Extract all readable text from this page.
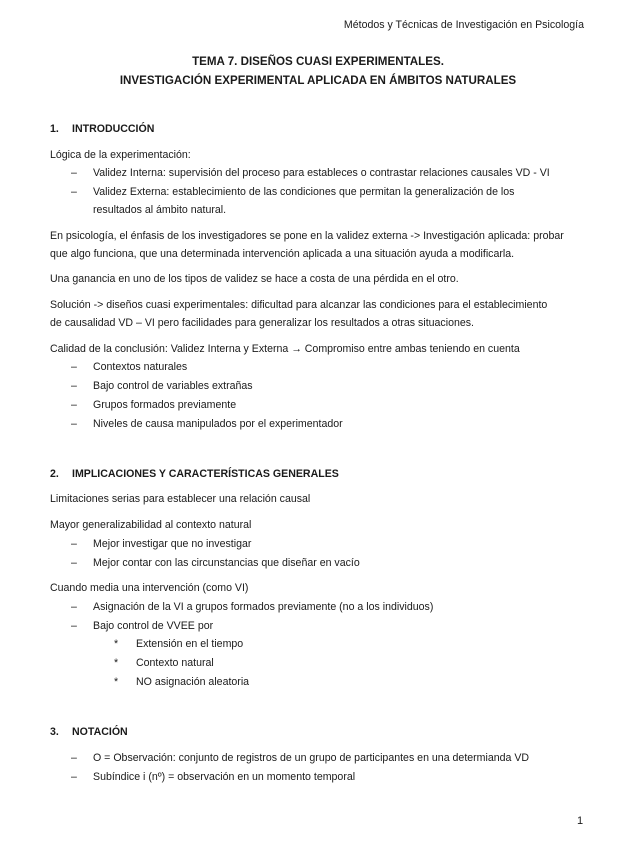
Métodos y Técnicas de Investigación en Psicología
TEMA 7. DISEÑOS CUASI EXPERIMENTALES.
INVESTIGACIÓN EXPERIMENTAL APLICADA EN ÁMBITOS NATURALES
1. INTRODUCCIÓN
Lógica de la experimentación:
– Validez Interna: supervisión del proceso para estableces o contrastar relaciones causales VD - VI
– Validez Externa: establecimiento de las condiciones que permitan la generalización de los
resultados al ámbito natural.
En psicología, el énfasis de los investigadores se pone en la validez externa -> Investigación aplicada: probar
que algo funciona, que una determinada intervención aplicada a una situación ayuda a modificarla.
Una ganancia en uno de los tipos de validez se hace a costa de una pérdida en el otro.
Solución -> diseños cuasi experimentales: dificultad para alcanzar las condiciones para el establecimiento
de causalidad VD – VI pero facilidades para generalizar los resultados a otras situaciones.
Calidad de la conclusión: Validez Interna y Externa → Compromiso entre ambas teniendo en cuenta
– Contextos naturales
– Bajo control de variables extrañas
– Grupos formados previamente
– Niveles de causa manipulados por el experimentador
2. IMPLICACIONES Y CARACTERÍSTICAS GENERALES
Limitaciones serias para establecer una relación causal
Mayor generalizabilidad al contexto natural
– Mejor investigar que no investigar
– Mejor contar con las circunstancias que diseñar en vacío
Cuando media una intervención (como VI)
– Asignación de la VI a grupos formados previamente (no a los individuos)
– Bajo control de VVEE por
* Extensión en el tiempo
* Contexto natural
* NO asignación aleatoria
3. NOTACIÓN
– O = Observación: conjunto de registros de un grupo de participantes en una determianda VD
– Subíndice i (nº) = observación en un momento temporal
1
